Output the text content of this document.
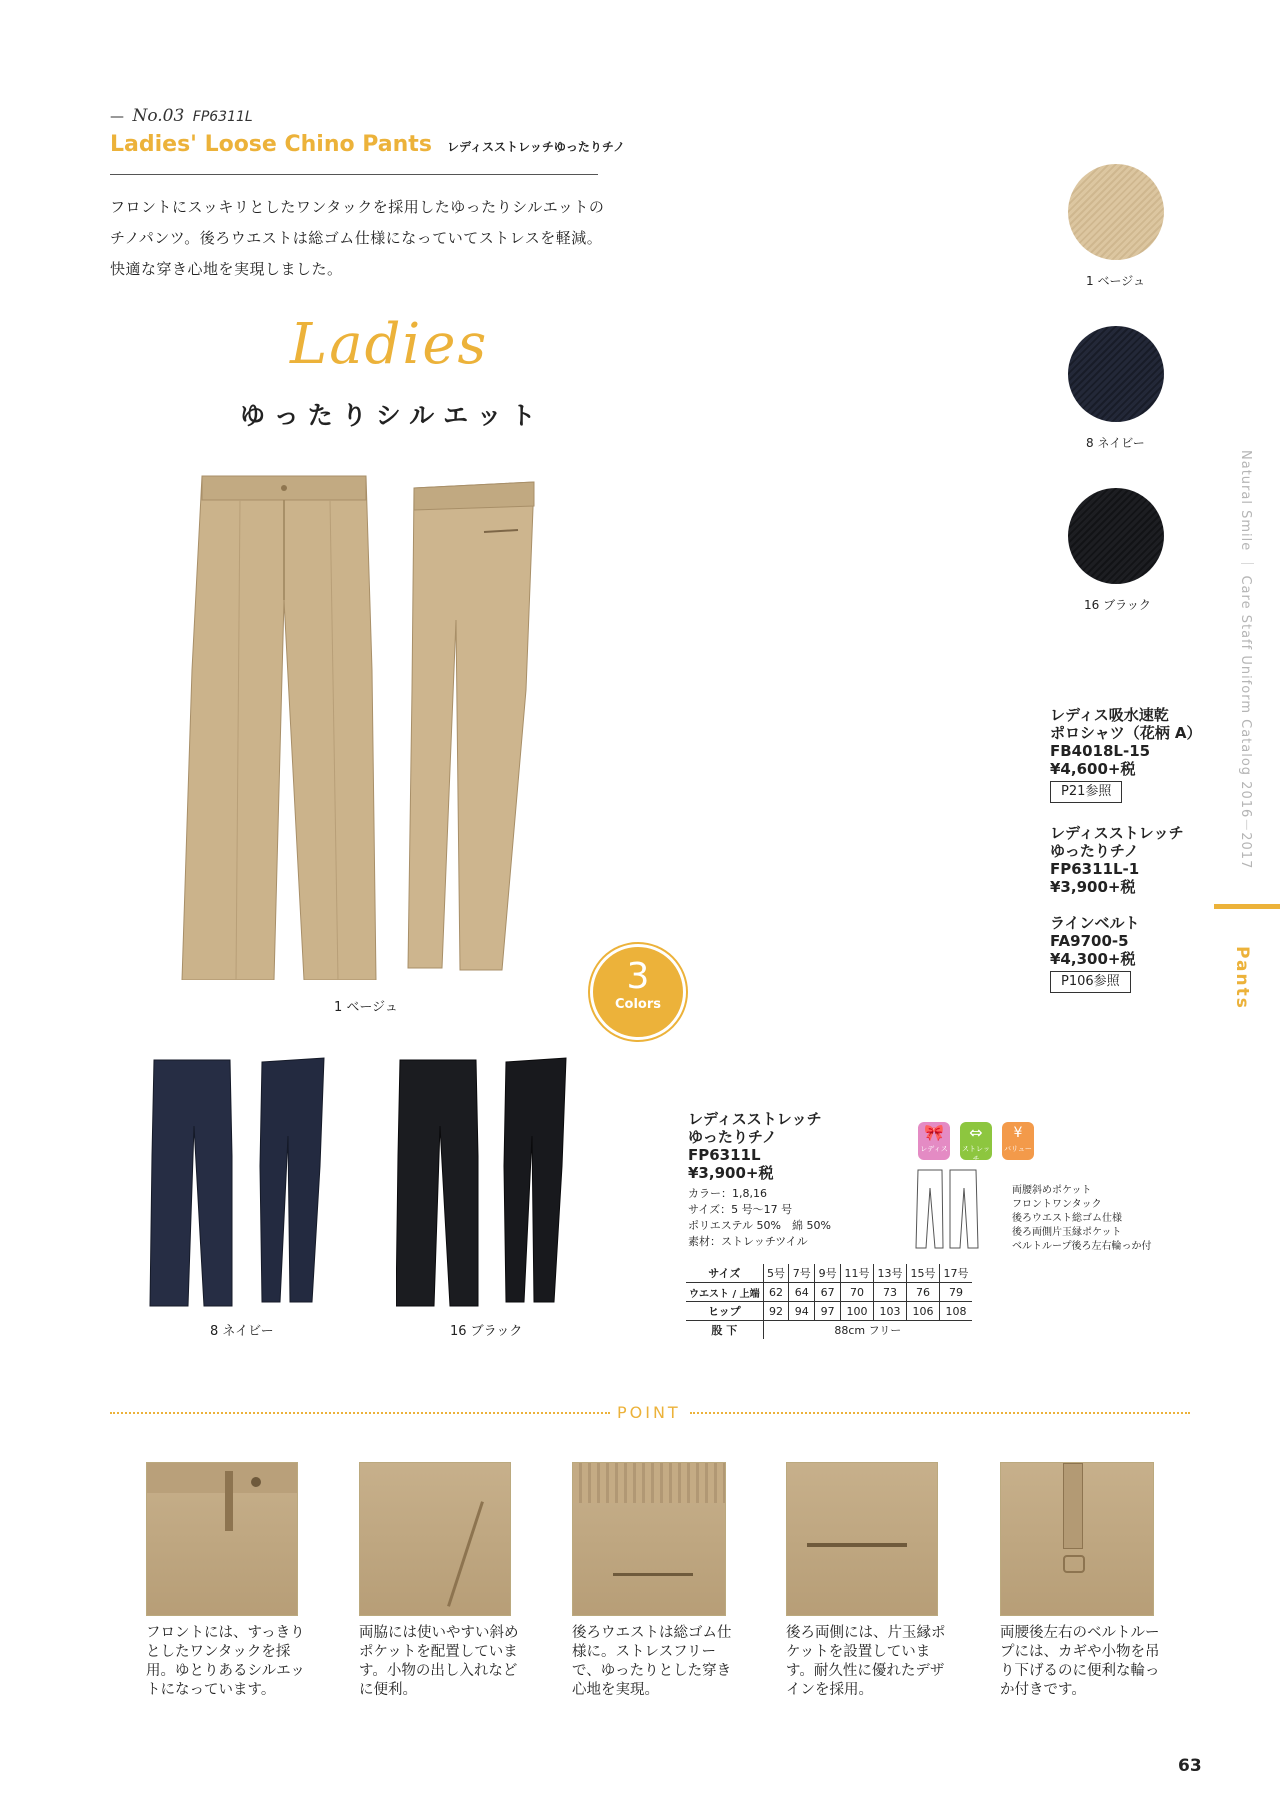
— No.03 FP6311L
Ladies' Loose Chino Pants レディスストレッチゆったりチノ
フロントにスッキリとしたワンタックを採用したゆったりシルエットの
チノパンツ。後ろウエストは総ゴム仕様になっていてストレスを軽減。
快適な穿き心地を実現しました。
Ladies
ゆったりシルエット
1 ベージュ
3
Colors
8 ネイビー	16 ブラック
1 ベージュ
8 ネイビー
16 ブラック
レディス吸水速乾
ポロシャツ（花柄 A）
FB4018L-15
¥4,600+税
P21参照
レディスストレッチ
ゆったりチノ
FP6311L-1
¥3,900+税
ラインベルト
FA9700-5
¥4,300+税
P106参照
Natural Smile ｜ Care Staff Uniform Catalog 2016－2017
Pants
レディスストレッチ
ゆったりチノ
FP6311L
¥3,900+税
カラー：1,8,16
サイズ：5 号〜17 号
ポリエステル 50%　綿 50%
素材：ストレッチツイル
🎀
レディス
⇔
ストレッチ
¥
バリュー
両腰斜めポケット
フロントワンタック
後ろウエスト総ゴム仕様
後ろ両側片玉縁ポケット
ベルトループ後ろ左右輪っか付
サイズ	5号	7号	9号	11号	13号	15号	17号
ウエスト / 上端	62	64	67	70	73	76	79
ヒップ	92	94	97	100	103	106	108
股 下	88cm フリー						
POINT
フロントには、すっきりとしたワンタックを採用。ゆとりあるシルエットになっています。
両脇には使いやすい斜めポケットを配置しています。小物の出し入れなどに便利。
後ろウエストは総ゴム仕様に。ストレスフリーで、ゆったりとした穿き心地を実現。
後ろ両側には、片玉縁ポケットを設置しています。耐久性に優れたデザインを採用。
両腰後左右のベルトループには、カギや小物を吊り下げるのに便利な輪っか付きです。
63
